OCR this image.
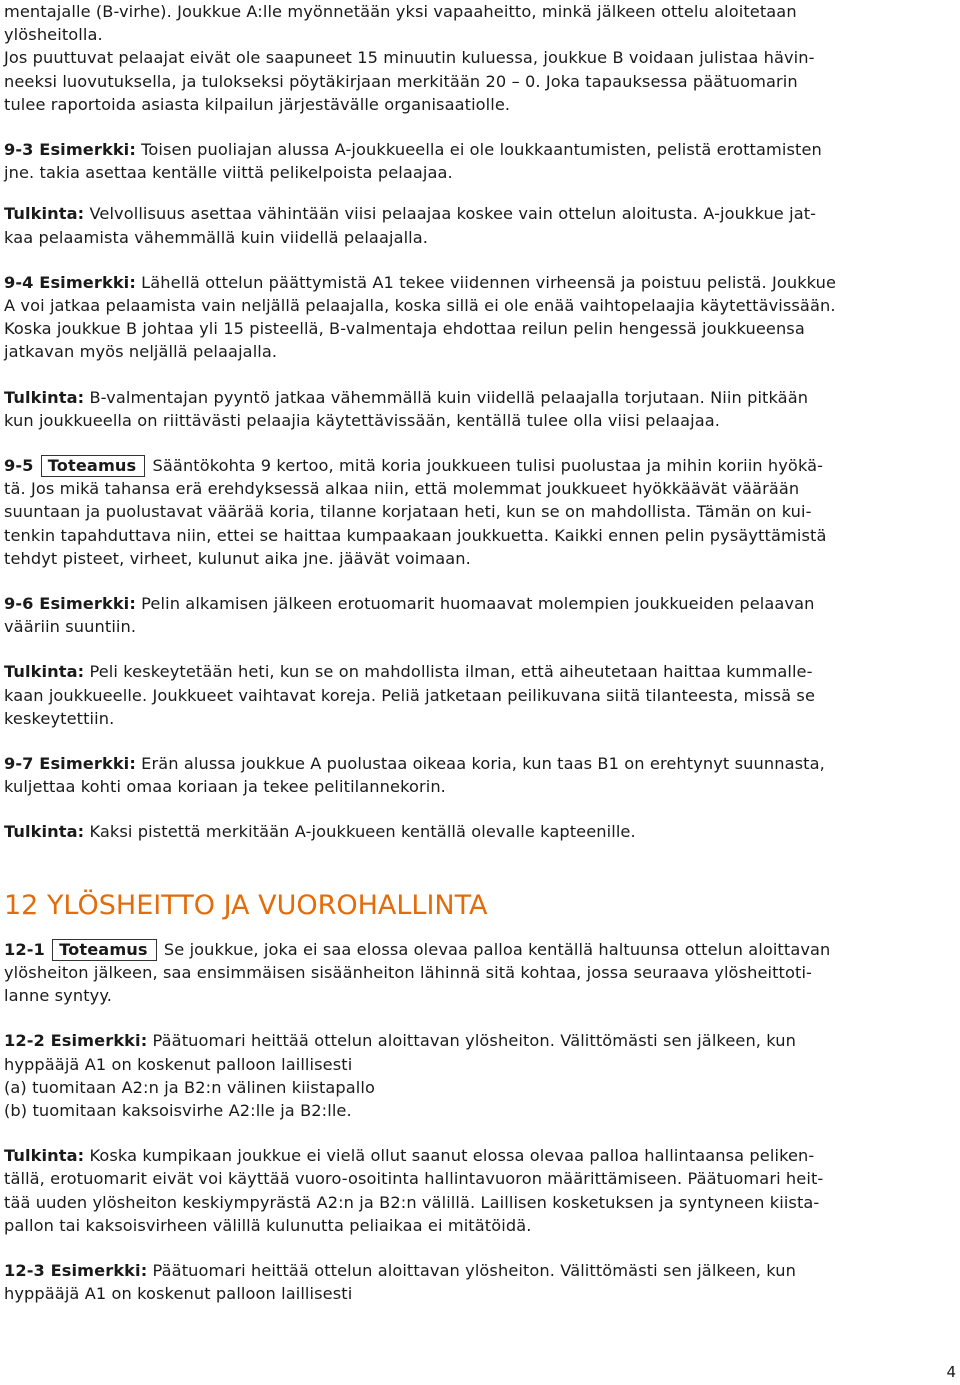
mentajalle (B-virhe). Joukkue A:lle myönnetään yksi vapaaheitto, minkä jälkeen ottelu aloitetaan

ylösheitolla.

Jos puuttuvat pelaajat eivät ole saapuneet 15 minuutin kuluessa, joukkue B voidaan julistaa hävin-

neeksi luovutuksella, ja tulokseksi pöytäkirjaan merkitään 20 – 0. Joka tapauksessa päätuomarin

tulee raportoida asiasta kilpailun järjestävälle organisaatiolle.

9-3 Esimerkki: Toisen puoliajan alussa A-joukkueella ei ole loukkaantumisten, pelistä erottamisten

jne. takia asettaa kentälle viittä pelikelpoista pelaajaa.

Tulkinta: Velvollisuus asettaa vähintään viisi pelaajaa koskee vain ottelun aloitusta. A-joukkue jat-

kaa pelaamista vähemmällä kuin viidellä pelaajalla.

9-4 Esimerkki: Lähellä ottelun päättymistä A1 tekee viidennen virheensä ja poistuu pelistä. Joukkue

A voi jatkaa pelaamista vain neljällä pelaajalla, koska sillä ei ole enää vaihtopelaajia käytettävissään.

Koska joukkue B johtaa yli 15 pisteellä, B-valmentaja ehdottaa reilun pelin hengessä joukkueensa

jatkavan myös neljällä pelaajalla.

Tulkinta: B-valmentajan pyyntö jatkaa vähemmällä kuin viidellä pelaajalla torjutaan. Niin pitkään

kun joukkueella on riittävästi pelaajia käytettävissään, kentällä tulee olla viisi pelaajaa.

9-5 Toteamus Sääntökohta 9 kertoo, mitä koria joukkueen tulisi puolustaa ja mihin koriin hyökä-

tä. Jos mikä tahansa erä erehdyksessä alkaa niin, että molemmat joukkueet hyökkäävät väärään

suuntaan ja puolustavat väärää koria, tilanne korjataan heti, kun se on mahdollista. Tämän on kui-

tenkin tapahduttava niin, ettei se haittaa kumpaakaan joukkuetta. Kaikki ennen pelin pysäyttämistä

tehdyt pisteet, virheet, kulunut aika jne. jäävät voimaan.

9-6 Esimerkki: Pelin alkamisen jälkeen erotuomarit huomaavat molempien joukkueiden pelaavan

vääriin suuntiin.

Tulkinta: Peli keskeytetään heti, kun se on mahdollista ilman, että aiheutetaan haittaa kummalle-

kaan joukkueelle. Joukkueet vaihtavat koreja. Peliä jatketaan peilikuvana siitä tilanteesta, missä se

keskeytettiin.

9-7 Esimerkki: Erän alussa joukkue A puolustaa oikeaa koria, kun taas B1 on erehtynyt suunnasta,

kuljettaa kohti omaa koriaan ja tekee pelitilannekorin.

Tulkinta: Kaksi pistettä merkitään A-joukkueen kentällä olevalle kapteenille.

12 YLÖSHEITTO JA VUOROHALLINTA

12-1 Toteamus Se joukkue, joka ei saa elossa olevaa palloa kentällä haltuunsa ottelun aloittavan

ylösheiton jälkeen, saa ensimmäisen sisäänheiton lähinnä sitä kohtaa, jossa seuraava ylösheittoti-

lanne syntyy.

12-2 Esimerkki: Päätuomari heittää ottelun aloittavan ylösheiton. Välittömästi sen jälkeen, kun

hyppääjä A1 on koskenut palloon laillisesti

(a) tuomitaan A2:n ja B2:n välinen kiistapallo

(b) tuomitaan kaksoisvirhe A2:lle ja B2:lle.

Tulkinta: Koska kumpikaan joukkue ei vielä ollut saanut elossa olevaa palloa hallintaansa peliken-

tällä, erotuomarit eivät voi käyttää vuoro-osoitinta hallintavuoron määrittämiseen. Päätuomari heit-

tää uuden ylösheiton keskiympyrästä A2:n ja B2:n välillä. Laillisen kosketuksen ja syntyneen kiista-

pallon tai kaksoisvirheen välillä kulunutta peliaikaa ei mitätöidä.

12-3 Esimerkki: Päätuomari heittää ottelun aloittavan ylösheiton. Välittömästi sen jälkeen, kun

hyppääjä A1 on koskenut palloon laillisesti

4
